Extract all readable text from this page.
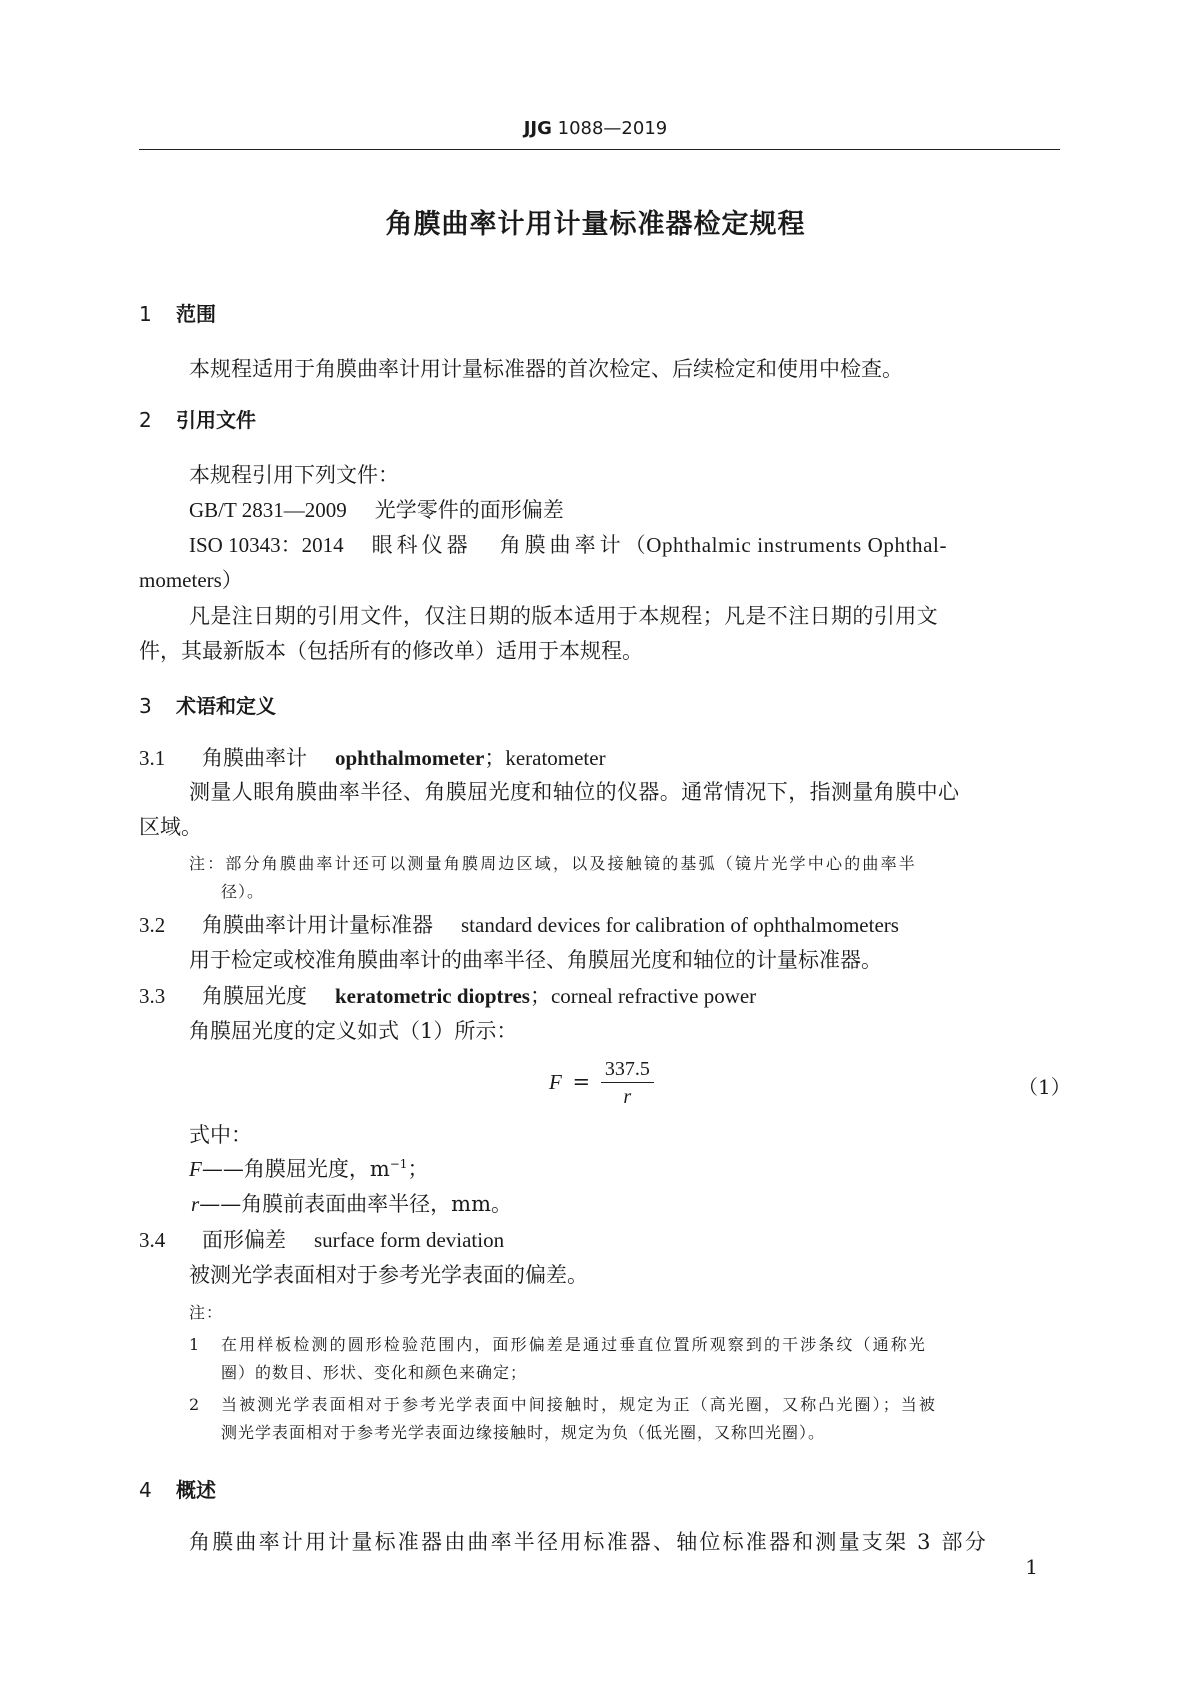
JJG 1088—2019
角膜曲率计用计量标准器检定规程
1 范围
本规程适用于角膜曲率计用计量标准器的首次检定、后续检定和使用中检查。
2 引用文件
本规程引用下列文件：
GB/T 2831—2009 光学零件的面形偏差
ISO 10343：2014 眼科仪器 角膜曲率计（Ophthalmic instruments Ophthal-
mometers）
凡是注日期的引用文件，仅注日期的版本适用于本规程；凡是不注日期的引用文
件，其最新版本（包括所有的修改单）适用于本规程。
3 术语和定义
3.1 角膜曲率计 ophthalmometer；keratometer
测量人眼角膜曲率半径、角膜屈光度和轴位的仪器。通常情况下，指测量角膜中心
区域。
注：部分角膜曲率计还可以测量角膜周边区域，以及接触镜的基弧（镜片光学中心的曲率半
径）。
3.2 角膜曲率计用计量标准器 standard devices for calibration of ophthalmometers
用于检定或校准角膜曲率计的曲率半径、角膜屈光度和轴位的计量标准器。
3.3 角膜屈光度 keratometric dioptres；corneal refractive power
角膜屈光度的定义如式（1）所示：
$F = \frac{337.5}{r}$	（1）
式中：
F——角膜屈光度，$m^{-1}$；
r——角膜前表面曲率半径，mm。
3.4 面形偏差 surface form deviation
被测光学表面相对于参考光学表面的偏差。
注：
1 在用样板检测的圆形检验范围内，面形偏差是通过垂直位置所观察到的干涉条纹（通称光
圈）的数目、形状、变化和颜色来确定；
2 当被测光学表面相对于参考光学表面中间接触时，规定为正（高光圈，又称凸光圈）；当被
测光学表面相对于参考光学表面边缘接触时，规定为负（低光圈，又称凹光圈）。
4 概述
角膜曲率计用计量标准器由曲率半径用标准器、轴位标准器和测量支架 3 部分
1
